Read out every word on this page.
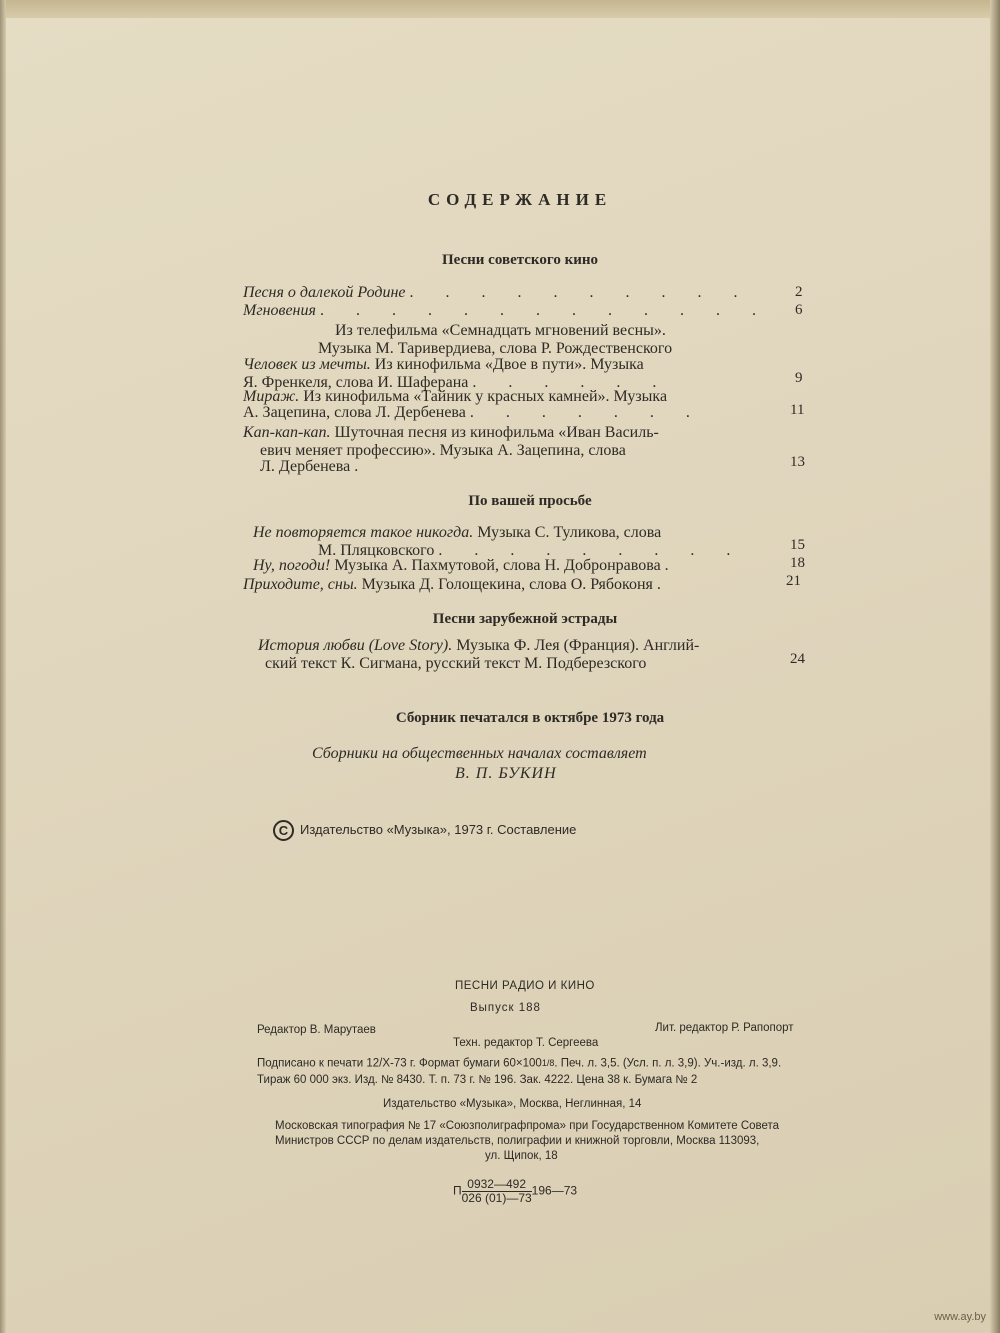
СОДЕРЖАНИЕ
Песни советского кино
Песня о далекой Родине . . . . . . . . . .	2
Мгновения . . . . . . . . . . . . . 6
Из телефильма «Семнадцать мгновений весны».
Музыка М. Таривердиева, слова Р. Рождественского
Человек из мечты. Из кинофильма «Двое в пути». Музыка
Я. Френкеля, слова И. Шаферана . . . . . .	9
Мираж. Из кинофильма «Тайник у красных камней». Музыка
А. Зацепина, слова Л. Дербенева . . . . . . .	11
Кап-кап-кап. Шуточная песня из кинофильма «Иван Василь-
евич меняет профессию». Музыка А. Зацепина, слова
Л. Дербенева .	13
По вашей просьбе
Не повторяется такое никогда. Музыка С. Туликова, слова
М. Пляцковского . . . . . . . . .	15
Ну, погоди! Музыка А. Пахмутовой, слова Н. Добронравова .	18
Приходите, сны. Музыка Д. Голощекина, слова О. Рябоконя .	21
Песни зарубежной эстрады
История любви (Love Story). Музыка Ф. Лея (Франция). Англий-
ский текст К. Сигмана, русский текст М. Подберезского	24
Сборник печатался в октябре 1973 года
Сборники на общественных началах составляет
В. П. БУКИН
C Издательство «Музыка», 1973 г. Составление
ПЕСНИ РАДИО И КИНО
Выпуск 188
Редактор В. Марутаев	Лит. редактор Р. Рапопорт
Техн. редактор Т. Сергеева
Подписано к печати 12/X-73 г. Формат бумаги 60×1001/8. Печ. л. 3,5. (Усл. п. л. 3,9). Уч.-изд. л. 3,9.
Тираж 60 000 экз. Изд. № 8430. Т. п. 73 г. № 196. Зак. 4222. Цена 38 к. Бумага № 2
Издательство «Музыка», Москва, Неглинная, 14
Московская типография № 17 «Союзполиграфпрома» при Государственном Комитете Совета
Министров СССР по делам издательств, полиграфии и книжной торговли, Москва 113093,
ул. Щипок, 18
П $\frac{0932—492}{026 (01)—73}$ 196—73
www.ay.by
